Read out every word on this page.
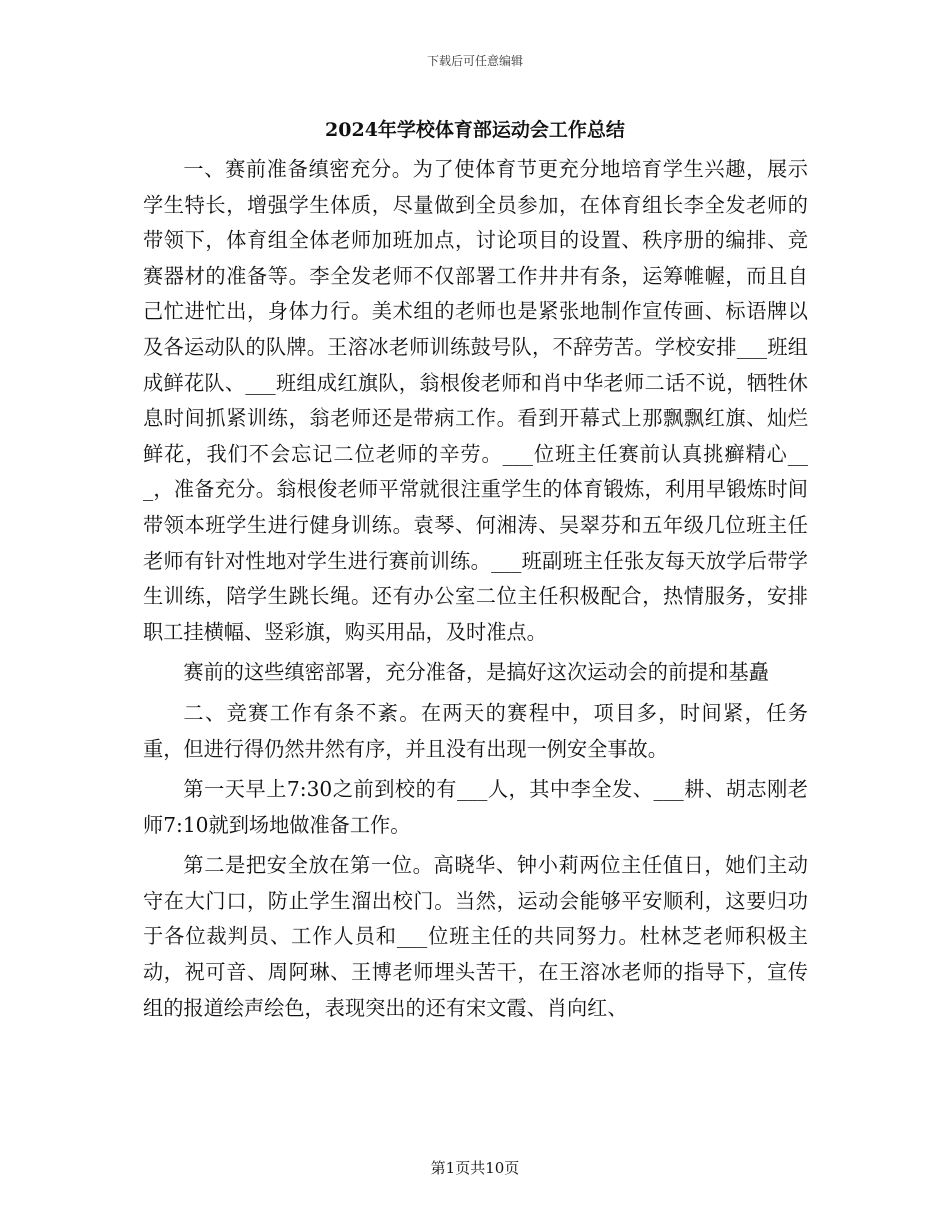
下载后可任意编辑
2024年学校体育部运动会工作总结

一、赛前准备缜密充分。为了使体育节更充分地培育学生兴趣，展示学生特长，增强学生体质，尽量做到全员参加，在体育组长李全发老师的带领下，体育组全体老师加班加点，讨论项目的设置、秩序册的编排、竞赛器材的准备等。李全发老师不仅部署工作井井有条，运筹帷幄，而且自己忙进忙出，身体力行。美术组的老师也是紧张地制作宣传画、标语牌以及各运动队的队牌。王溶冰老师训练鼓号队，不辞劳苦。学校安排___班组成鲜花队、___班组成红旗队，翁根俊老师和肖中华老师二话不说，牺牲休息时间抓紧训练，翁老师还是带病工作。看到开幕式上那飘飘红旗、灿烂鲜花，我们不会忘记二位老师的辛劳。___位班主任赛前认真挑癣精心___，准备充分。翁根俊老师平常就很注重学生的体育锻炼，利用早锻炼时间带领本班学生进行健身训练。袁琴、何湘涛、吴翠芬和五年级几位班主任老师有针对性地对学生进行赛前训练。___班副班主任张友每天放学后带学生训练，陪学生跳长绳。还有办公室二位主任积极配合，热情服务，安排职工挂横幅、竖彩旗，购买用品，及时准点。

赛前的这些缜密部署，充分准备，是搞好这次运动会的前提和基矗

二、竞赛工作有条不紊。在两天的赛程中，项目多，时间紧，任务重，但进行得仍然井然有序，并且没有出现一例安全事故。

第一天早上7:30之前到校的有___人，其中李全发、___耕、胡志刚老师7:10就到场地做准备工作。

第二是把安全放在第一位。高晓华、钟小莉两位主任值日，她们主动守在大门口，防止学生溜出校门。当然，运动会能够平安顺利，这要归功于各位裁判员、工作人员和___位班主任的共同努力。杜林芝老师积极主动，祝可音、周阿琳、王博老师埋头苦干，在王溶冰老师的指导下，宣传组的报道绘声绘色，表现突出的还有宋文霞、肖向红、

第1页共10页
